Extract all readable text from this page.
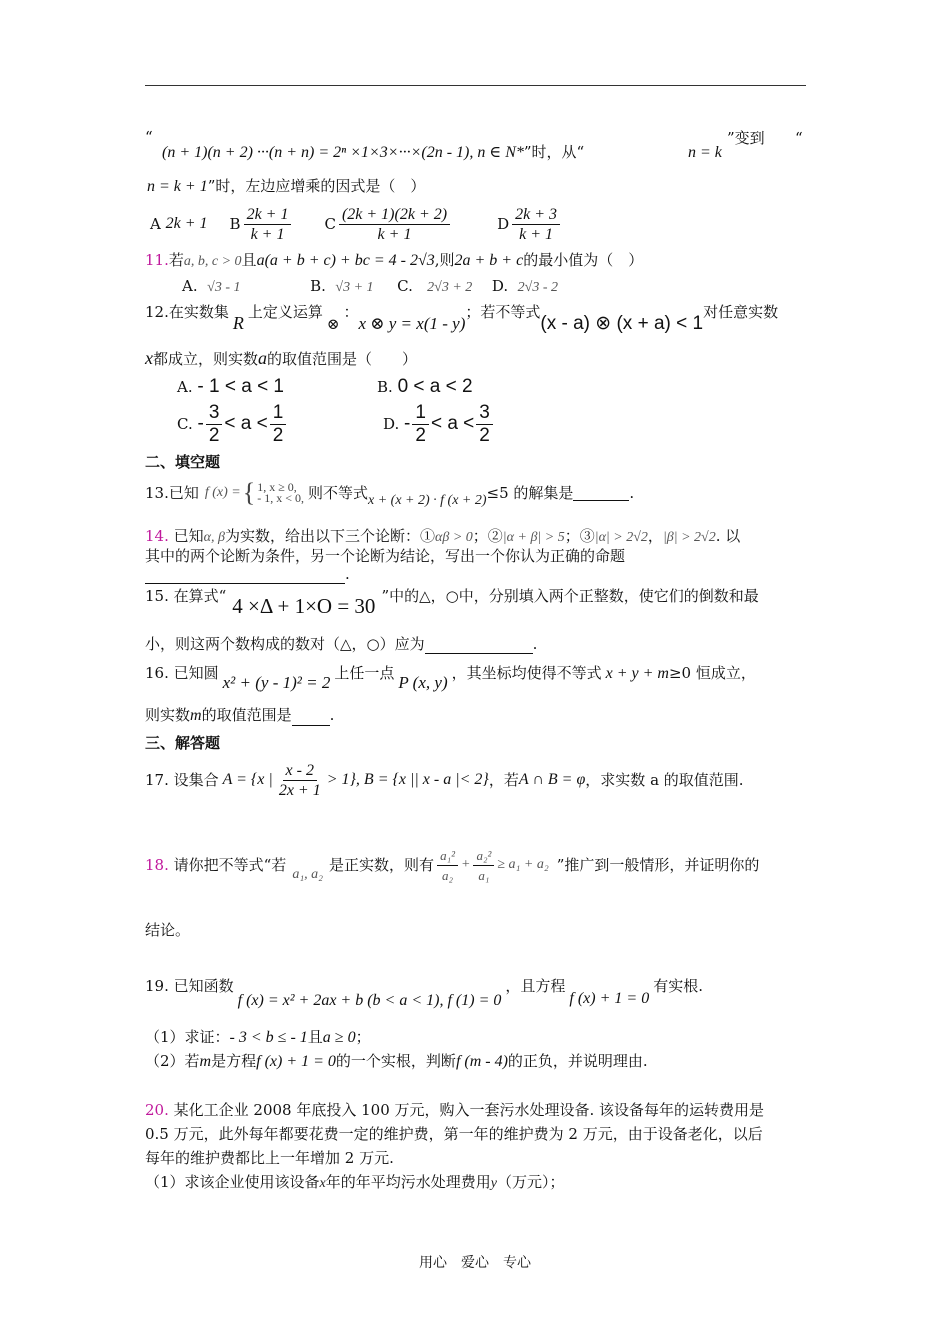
“
(n + 1)(n + 2) ···(n + n) = 2ⁿ ×1×3×···×(2n - 1), n ∈ N*”时，从“	n = k
”变到 “
n = k + 1”时，左边应增乘的因式是（　）
A
2k + 1 B $\frac{2k + 1}{k + 1}$ C $\frac{(2k + 1)(2k + 2)}{k + 1}$	D $\frac{2k + 3}{k + 1}$
11.若a, b, c > 0且a(a + b + c) + bc = 4 - 2√3,则2a + b + c的最小值为（　）
A. √3 - 1	B. √3 + 1 C. 2√3 + 2 D. 2√3 - 2
12.在实数集R上定义运算⊗：x ⊗ y = x(1 - y)；若不等式(x - a) ⊗ (x + a) < 1对任意实数
x都成立，则实数a的取值范围是（　　）
A. - 1 < a < 1	B. 0 < a < 2
C.
-
3
2
< a <
1
2
D.
-
1
2
< a <
3
2
二、填空题
13.已知 f (x) = { 1, x ≥ 0,
- 1, x < 0, 则不等式 x + (x + 2) · f (x + 2) ≤5 的解集是	.
14. 已知α, β为实数，给出以下三个论断：①αβ > 0；②|α + β| > 5；③|α| > 2√2，|β| > 2√2. 以
其中的两个论断为条件，另一个论断为结论，写出一个你认为正确的命题
.
15. 在算式“ 4 ×Δ + 1×O = 30 ”中的△，○中，分别填入两个正整数，使它们的倒数和最
小，则这两个数构成的数对（△，○）应为	.
16. 已知圆 x² + (y - 1)² = 2 上任一点 P (x, y) ，其坐标均使得不等式 x + y + m≥0 恒成立，
则实数m的取值范围是	.
三、解答题
17. 设集合 A = {x | $\frac{x - 2}{2x + 1} > 1$}, B = {x || x - a |< 2} ，若 A ∩ B = φ ，求实数 a 的取值范围.
18.
请你把不等式“若
a₁, a₂
是正实数，则有 $\frac{\text{a₁²}}{\text{a₂}} + \frac{\text{a₂²}}{\text{a₁}} \ge a_1 + a_2$ ”推广到一般情形，并证明你的
结论。
19. 已知函数f (x) = x² + 2ax + b (b < a < 1), f (1) = 0，且方程f (x) + 1 = 0有实根.
（1）求证：- 3 < b ≤ - 1且a ≥ 0；
（2）若m是方程f (x) + 1 = 0的一个实根，判断f (m - 4)的正负，并说明理由.
20. 某化工企业 2008 年底投入 100 万元，购入一套污水处理设备. 该设备每年的运转费用是
0.5 万元，此外每年都要花费一定的维护费，第一年的维护费为 2 万元，由于设备老化，以后
每年的维护费都比上一年增加 2 万元.
（1）求该企业使用该设备x年的年平均污水处理费用y（万元）；
用心　爱心　专心
